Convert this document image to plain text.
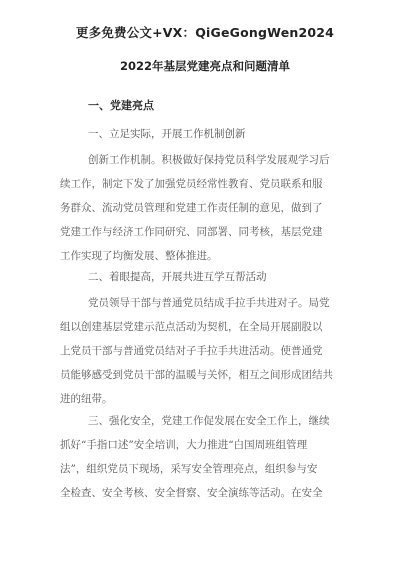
更多免费公文+VX：QiGeGongWen2024
2022年基层党建亮点和问题清单
一、党建亮点
一、立足实际，开展工作机制创新
创新工作机制。积极做好保持党员科学发展观学习后
续工作，制定下发了加强党员经常性教育、党员联系和服
务群众、流动党员管理和党建工作责任制的意见，做到了
党建工作与经济工作同研究、同部署、同考核，基层党建
工作实现了均衡发展、整体推进。
二、着眼提高，开展共进互学互帮活动
党员领导干部与普通党员结成手拉手共进对子。局党
组以创建基层党建示范点活动为契机，在全局开展副股以
上党员干部与普通党员结对子手拉手共进活动。使普通党
员能够感受到党员干部的温暖与关怀，相互之间形成团结共
进的纽带。
三、强化安全，党建工作促发展在安全工作上，继续
抓好“手指口述”安全培训，大力推进“白国周班组管理
法”，组织党员下现场，采写安全管理亮点，组织参与安
全检查、安全考核、安全督察、安全演练等活动。在安全
